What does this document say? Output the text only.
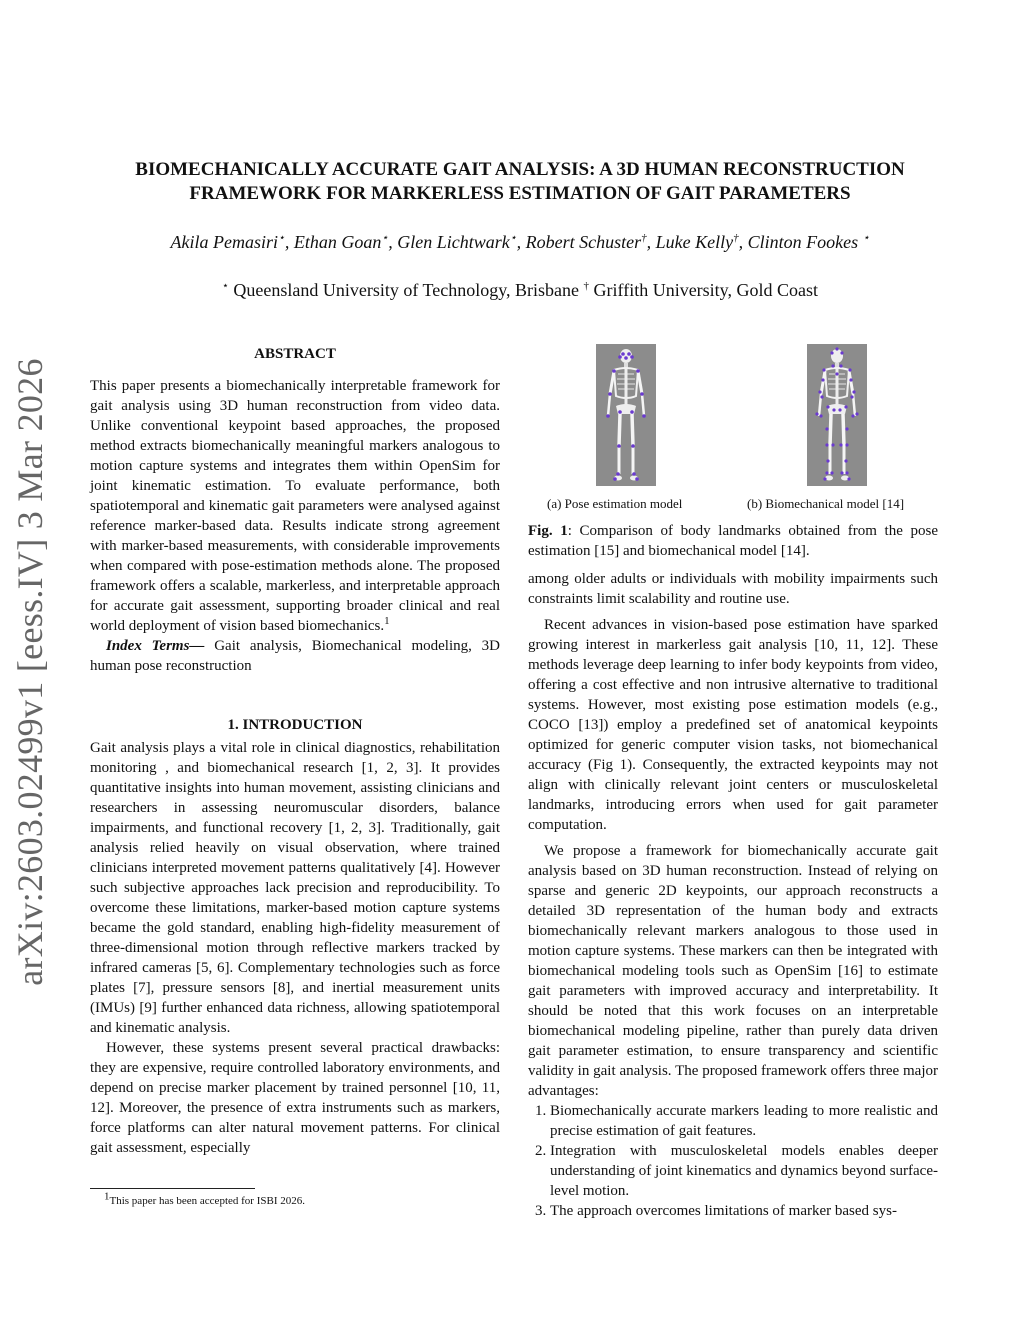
arXiv:2603.02499v1 [eess.IV] 3 Mar 2026
BIOMECHANICALLY ACCURATE GAIT ANALYSIS: A 3D HUMAN RECONSTRUCTION
FRAMEWORK FOR MARKERLESS ESTIMATION OF GAIT PARAMETERS
Akila Pemasiri⋆, Ethan Goan⋆, Glen Lichtwark⋆, Robert Schuster†, Luke Kelly†, Clinton Fookes ⋆
⋆ Queensland University of Technology, Brisbane † Griffith University, Gold Coast
ABSTRACT

This paper presents a biomechanically interpretable framework for gait analysis using 3D human reconstruction from video data. Unlike conventional keypoint based approaches, the proposed method extracts biomechanically meaningful markers analogous to motion capture systems and integrates them within OpenSim for joint kinematic estimation. To evaluate performance, both spatiotemporal and kinematic gait parameters were analysed against reference marker-based data. Results indicate strong agreement with marker-based measurements, with considerable improvements when compared with pose-estimation methods alone. The proposed framework offers a scalable, markerless, and interpretable approach for accurate gait assessment, supporting broader clinical and real world deployment of vision based biomechanics.$^1$

Index Terms— Gait analysis, Biomechanical modeling, 3D human pose reconstruction

1. INTRODUCTION

Gait analysis plays a vital role in clinical diagnostics, rehabilitation monitoring , and biomechanical research [1, 2, 3]. It provides quantitative insights into human movement, assisting clinicians and researchers in assessing neuromuscular disorders, balance impairments, and functional recovery [1, 2, 3]. Traditionally, gait analysis relied heavily on visual observation, where trained clinicians interpreted movement patterns qualitatively [4]. However such subjective approaches lack precision and reproducibility. To overcome these limitations, marker-based motion capture systems became the gold standard, enabling high-fidelity measurement of three-dimensional motion through reflective markers tracked by infrared cameras [5, 6]. Complementary technologies such as force plates [7], pressure sensors [8], and inertial measurement units (IMUs) [9] further enhanced data richness, allowing spatiotemporal and kinematic analysis.

However, these systems present several practical drawbacks: they are expensive, require controlled laboratory environments, and depend on precise marker placement by trained personnel [10, 11, 12]. Moreover, the presence of extra instruments such as markers, force platforms can alter natural movement patterns. For clinical gait assessment, especially

$^1$This paper has been accepted for ISBI 2026.
(a) Pose estimation model	(b) Biomechanical model [14]
Fig. 1: Comparison of body landmarks obtained from the pose estimation [15] and biomechanical model [14].

among older adults or individuals with mobility impairments such constraints limit scalability and routine use.

Recent advances in vision-based pose estimation have sparked growing interest in markerless gait analysis [10, 11, 12]. These methods leverage deep learning to infer body keypoints from video, offering a cost effective and non intrusive alternative to traditional systems. However, most existing pose estimation models (e.g., COCO [13]) employ a predefined set of anatomical keypoints optimized for generic computer vision tasks, not biomechanical accuracy (Fig 1). Consequently, the extracted keypoints may not align with clinically relevant joint centers or musculoskeletal landmarks, introducing errors when used for gait parameter computation.

We propose a framework for biomechanically accurate gait analysis based on 3D human reconstruction. Instead of relying on sparse and generic 2D keypoints, our approach reconstructs a detailed 3D representation of the human body and extracts biomechanically relevant markers analogous to those used in motion capture systems. These markers can then be integrated with biomechanical modeling tools such as OpenSim [16] to estimate gait parameters with improved accuracy and interpretability. It should be noted that this work focuses on an interpretable biomechanical modeling pipeline, rather than purely data driven gait parameter estimation, to ensure transparency and scientific validity in gait analysis. The proposed framework offers three major advantages:

1. Biomechanically accurate markers leading to more realistic and precise estimation of gait features.
2. Integration with musculoskeletal models enables deeper understanding of joint kinematics and dynamics beyond surface-level motion.
3. The approach overcomes limitations of marker based sys-
